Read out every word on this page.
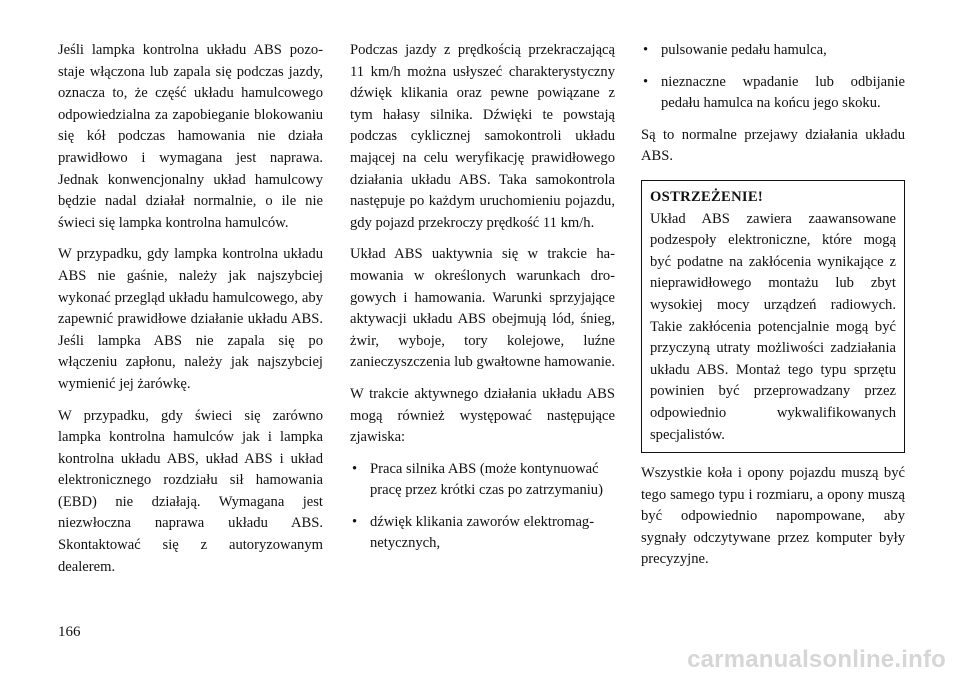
Jeśli lampka kontrolna układu ABS pozostaje włączona lub zapala się podczas jazdy, oznacza to, że część układu hamulcowego odpowiedzialna za zapobieganie blokowaniu się kół podczas hamowania nie działa prawidłowo i wymagana jest naprawa. Jednak konwencjonalny układ hamulcowy będzie nadal działał normalnie, o ile nie świeci się lampka kontrolna hamulców.

W przypadku, gdy lampka kontrolna układu ABS nie gaśnie, należy jak najszybciej wykonać przegląd układu hamulcowego, aby zapewnić prawidłowe działanie układu ABS. Jeśli lampka ABS nie zapala się po włączeniu zapłonu, należy jak najszybciej wymienić jej żarówkę.

W przypadku, gdy świeci się zarówno lampka kontrolna hamulców jak i lampka kontrolna układu ABS, układ ABS i układ elektronicznego rozdziału sił hamowania (EBD) nie działają. Wymagana jest niezwłoczna naprawa układu ABS. Skontaktować się z autoryzowanym dealerem.

Podczas jazdy z prędkością przekraczającą 11 km/h można usłyszeć charakterystyczny dźwięk klikania oraz pewne powiązane z tym hałasy silnika. Dźwięki te powstają podczas cyklicznej samokontroli układu mającej na celu weryfikację prawidłowego działania układu ABS. Taka samokontrola następuje po każdym uruchomieniu pojazdu, gdy pojazd przekroczy prędkość 11 km/h.

Układ ABS uaktywnia się w trakcie hamowania w określonych warunkach drogowych i hamowania. Warunki sprzyjające aktywacji układu ABS obejmują lód, śnieg, żwir, wyboje, tory kolejowe, luźne zanieczyszczenia lub gwałtowne hamowanie.

W trakcie aktywnego działania układu ABS mogą również występować następujące zjawiska:

• Praca silnika ABS (może kontynuować pracę przez krótki czas po zatrzymaniu)
• dźwięk klikania zaworów elektromagnetycznych,
• pulsowanie pedału hamulca,
• nieznaczne wpadanie lub odbijanie pedału hamulca na końcu jego skoku.

Są to normalne przejawy działania układu ABS.

OSTRZEŻENIE!
Układ ABS zawiera zaawansowane podzespoły elektroniczne, które mogą być podatne na zakłócenia wynikające z nieprawidłowego montażu lub zbyt wysokiej mocy urządzeń radiowych. Takie zakłócenia potencjalnie mogą być przyczyną utraty możliwości zadziałania układu ABS. Montaż tego typu sprzętu powinien być przeprowadzany przez odpowiednio wykwalifikowanych specjalistów.

Wszystkie koła i opony pojazdu muszą być tego samego typu i rozmiaru, a opony muszą być odpowiednio napompowane, aby sygnały odczytywane przez komputer były precyzyjne.

166
carmanualsonline.info
